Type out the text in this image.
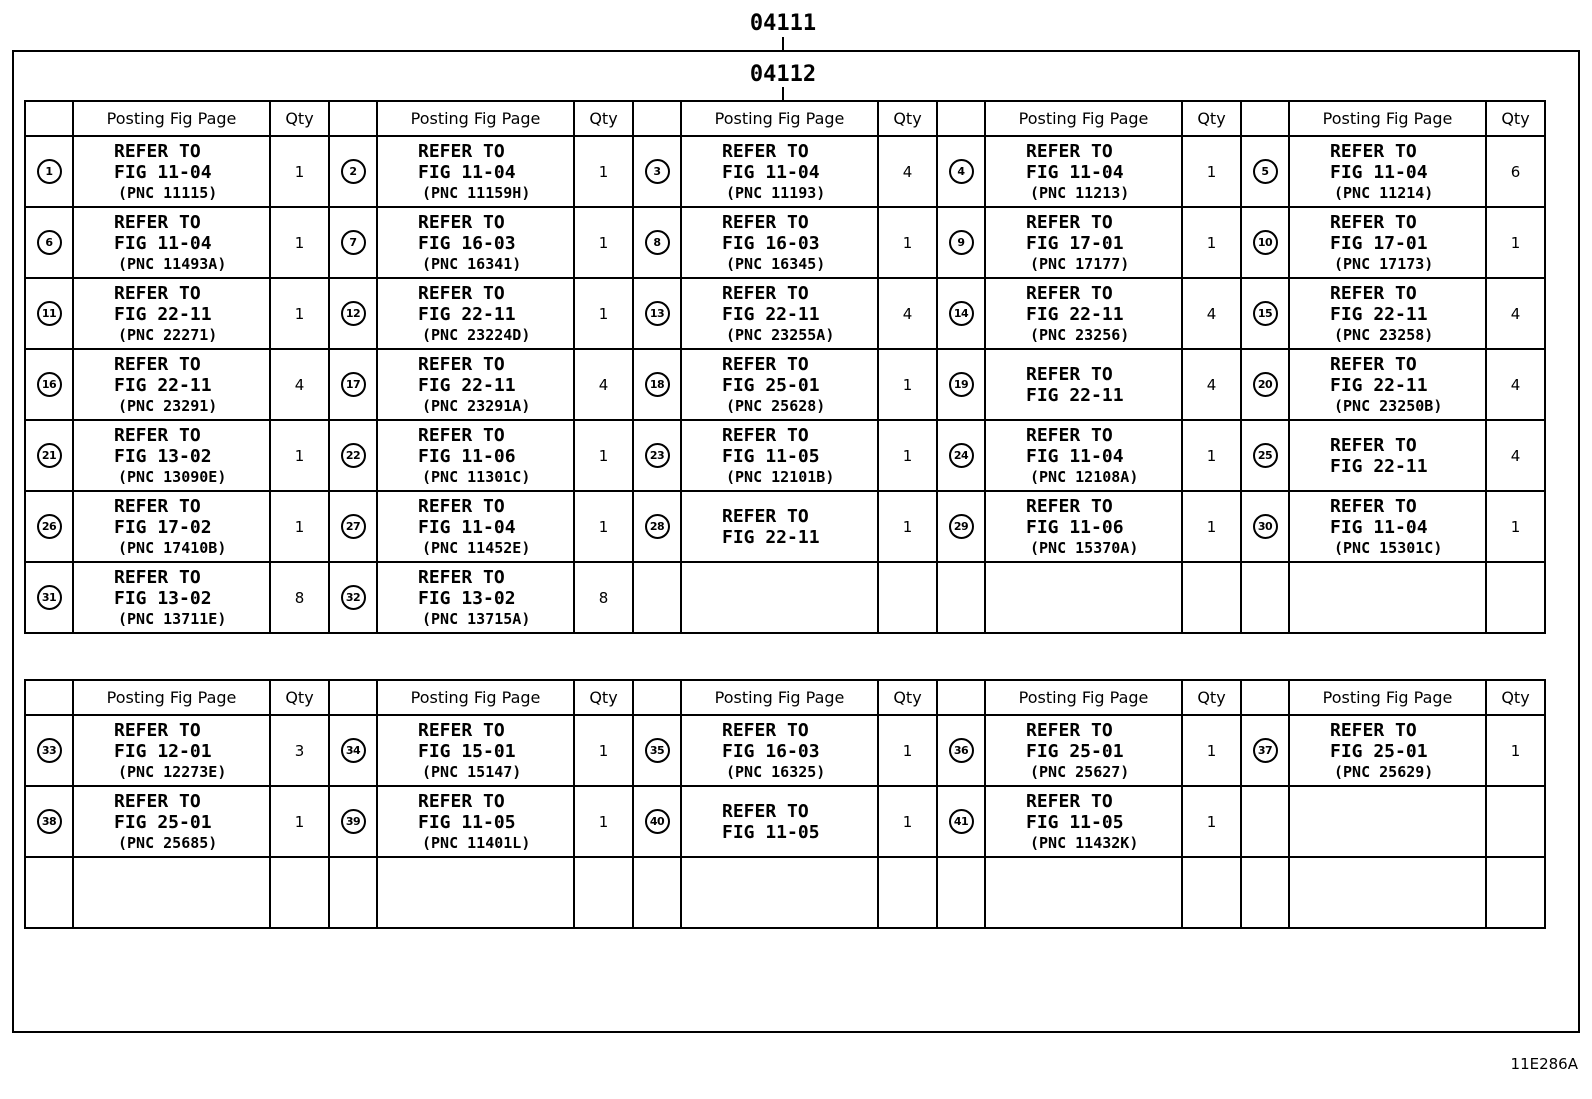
04111
04112
	Posting Fig Page	Qty		Posting Fig Page	Qty		Posting Fig Page	Qty		Posting Fig Page	Qty		Posting Fig Page	Qty
1	REFER TO
FIG 11-04
(PNC 11115)	1	2	REFER TO
FIG 11-04
(PNC 11159H)	1	3	REFER TO
FIG 11-04
(PNC 11193)	4	4	REFER TO
FIG 11-04
(PNC 11213)	1	5	REFER TO
FIG 11-04
(PNC 11214)	6
6	REFER TO
FIG 11-04
(PNC 11493A)	1	7	REFER TO
FIG 16-03
(PNC 16341)	1	8	REFER TO
FIG 16-03
(PNC 16345)	1	9	REFER TO
FIG 17-01
(PNC 17177)	1	10	REFER TO
FIG 17-01
(PNC 17173)	1
11	REFER TO
FIG 22-11
(PNC 22271)	1	12	REFER TO
FIG 22-11
(PNC 23224D)	1	13	REFER TO
FIG 22-11
(PNC 23255A)	4	14	REFER TO
FIG 22-11
(PNC 23256)	4	15	REFER TO
FIG 22-11
(PNC 23258)	4
16	REFER TO
FIG 22-11
(PNC 23291)	4	17	REFER TO
FIG 22-11
(PNC 23291A)	4	18	REFER TO
FIG 25-01
(PNC 25628)	1	19	REFER TO
FIG 22-11	4	20	REFER TO
FIG 22-11
(PNC 23250B)	4
21	REFER TO
FIG 13-02
(PNC 13090E)	1	22	REFER TO
FIG 11-06
(PNC 11301C)	1	23	REFER TO
FIG 11-05
(PNC 12101B)	1	24	REFER TO
FIG 11-04
(PNC 12108A)	1	25	REFER TO
FIG 22-11	4
26	REFER TO
FIG 17-02
(PNC 17410B)	1	27	REFER TO
FIG 11-04
(PNC 11452E)	1	28	REFER TO
FIG 22-11	1	29	REFER TO
FIG 11-06
(PNC 15370A)	1	30	REFER TO
FIG 11-04
(PNC 15301C)	1
31	REFER TO
FIG 13-02
(PNC 13711E)	8	32	REFER TO
FIG 13-02
(PNC 13715A)	8									
	Posting Fig Page	Qty		Posting Fig Page	Qty		Posting Fig Page	Qty		Posting Fig Page	Qty		Posting Fig Page	Qty
33	REFER TO
FIG 12-01
(PNC 12273E)	3	34	REFER TO
FIG 15-01
(PNC 15147)	1	35	REFER TO
FIG 16-03
(PNC 16325)	1	36	REFER TO
FIG 25-01
(PNC 25627)	1	37	REFER TO
FIG 25-01
(PNC 25629)	1
38	REFER TO
FIG 25-01
(PNC 25685)	1	39	REFER TO
FIG 11-05
(PNC 11401L)	1	40	REFER TO
FIG 11-05	1	41	REFER TO
FIG 11-05
(PNC 11432K)	1			

11E286A
